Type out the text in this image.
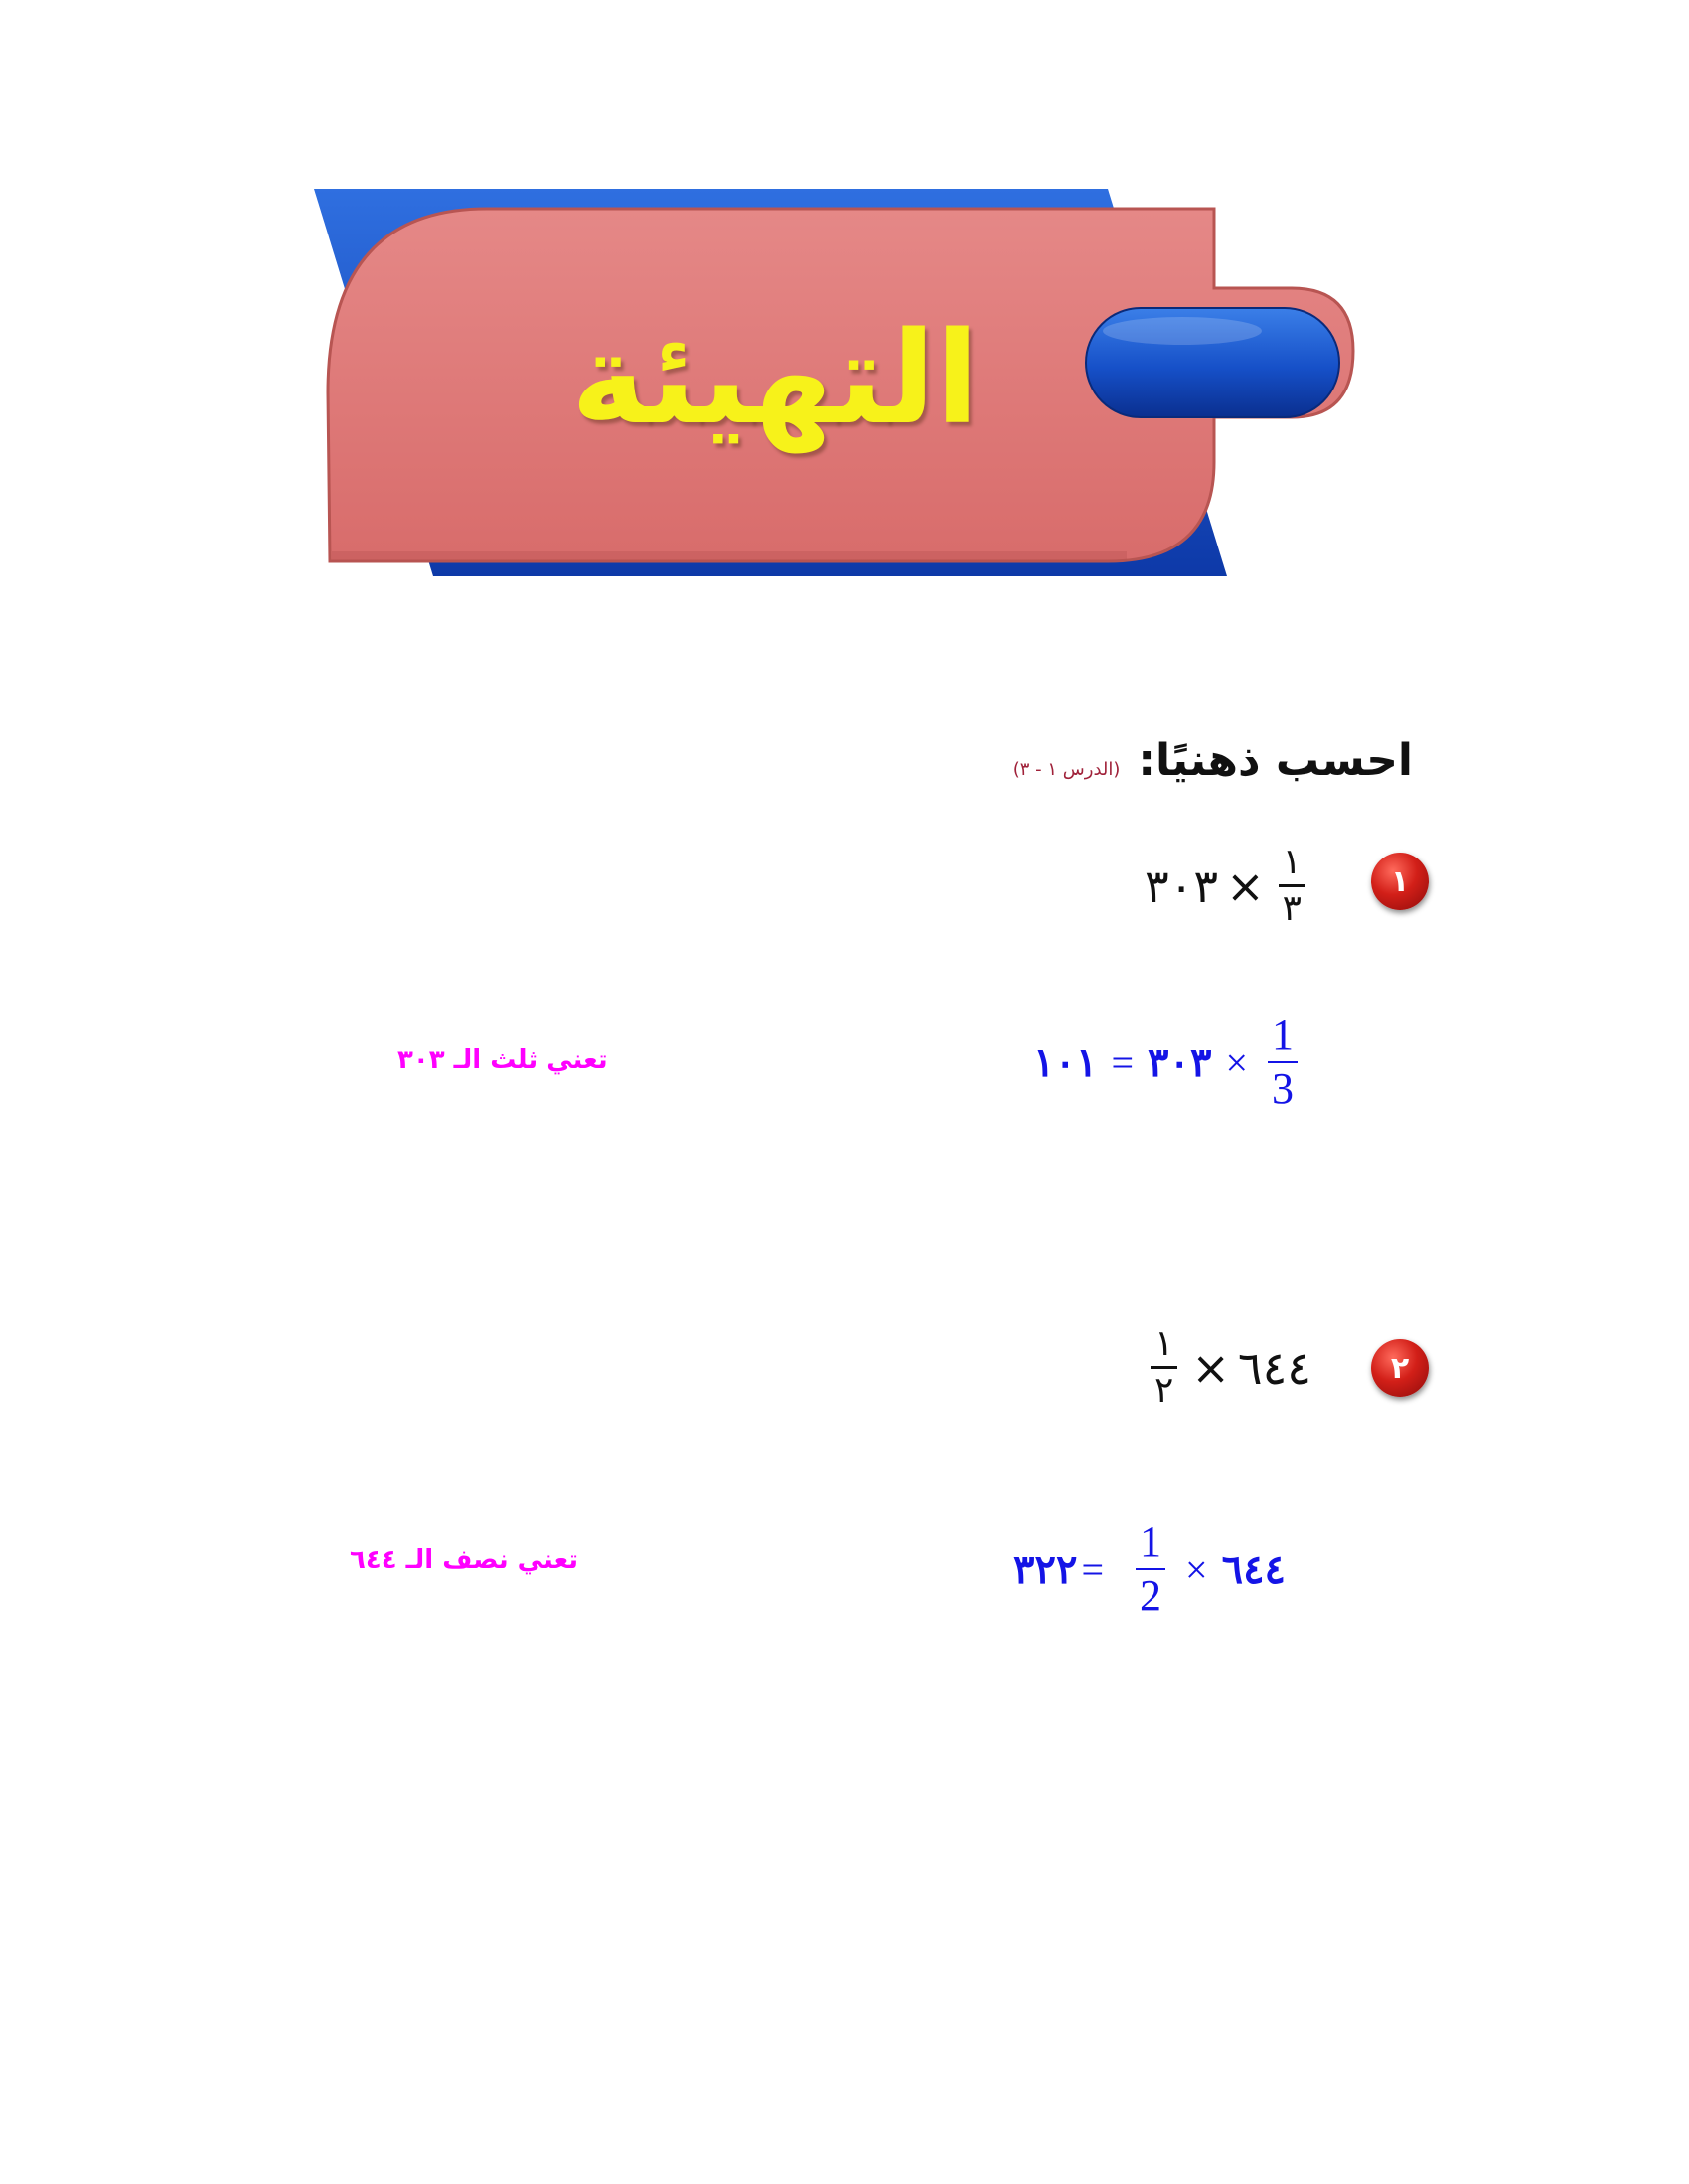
التهيئة
احسب ذهنيًا:
(الدرس ١ - ٣)
١
٣٠٣ × $\frac{١}{٣}$
١٠١ = ٣٠٣ × $\frac{1}{3}$
تعني ثلث الـ ٣٠٣
٢
$\frac{١}{٢}$ × ٦٤٤
٣٢٢ = $\frac{1}{2}$ × ٦٤٤
تعني نصف الـ ٦٤٤
